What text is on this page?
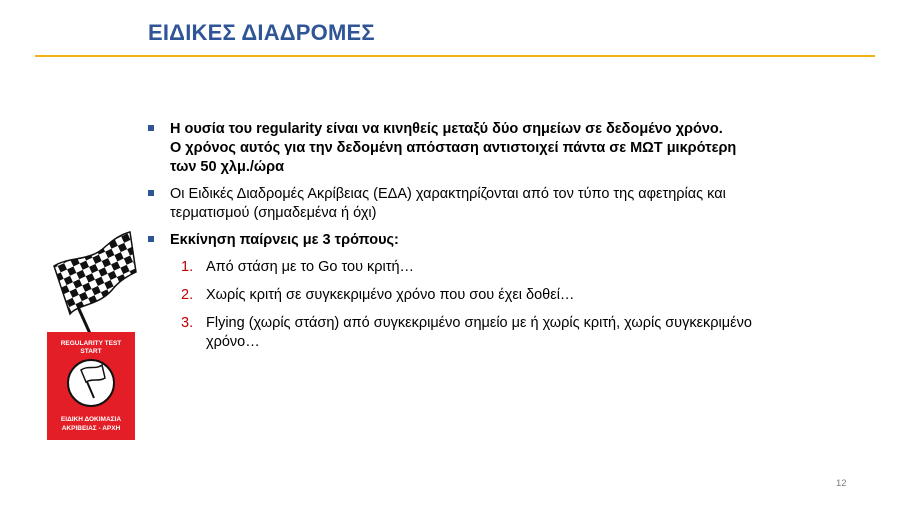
ΕΙΔΙΚΕΣ ΔΙΑΔΡΟΜΕΣ
Η ουσία του regularity είναι να κινηθείς μεταξύ δύο σημείων σε δεδομένο χρόνο.
Ο χρόνος αυτός για την δεδομένη απόσταση αντιστοιχεί πάντα σε ΜΩΤ μικρότερη
των 50 χλμ./ώρα
Οι Ειδικές Διαδρομές Ακρίβειας (ΕΔΑ) χαρακτηρίζονται από τον τύπο της αφετηρίας και
τερματισμού (σημαδεμένα ή όχι)
Εκκίνηση παίρνεις με 3 τρόπους:
1. Από στάση με το Go του κριτή…
2. Χωρίς κριτή σε συγκεκριμένο χρόνο που σου έχει δοθεί…
3. Flying (χωρίς στάση) από συγκεκριμένο σημείο με ή χωρίς κριτή, χωρίς συγκεκριμένο
χρόνο…
REGULARITY TEST
START
ΕΙΔΙΚΗ ΔΟΚΙΜΑΣΙΑ
ΑΚΡΙΒΕΙΑΣ - ΑΡΧΗ
12
